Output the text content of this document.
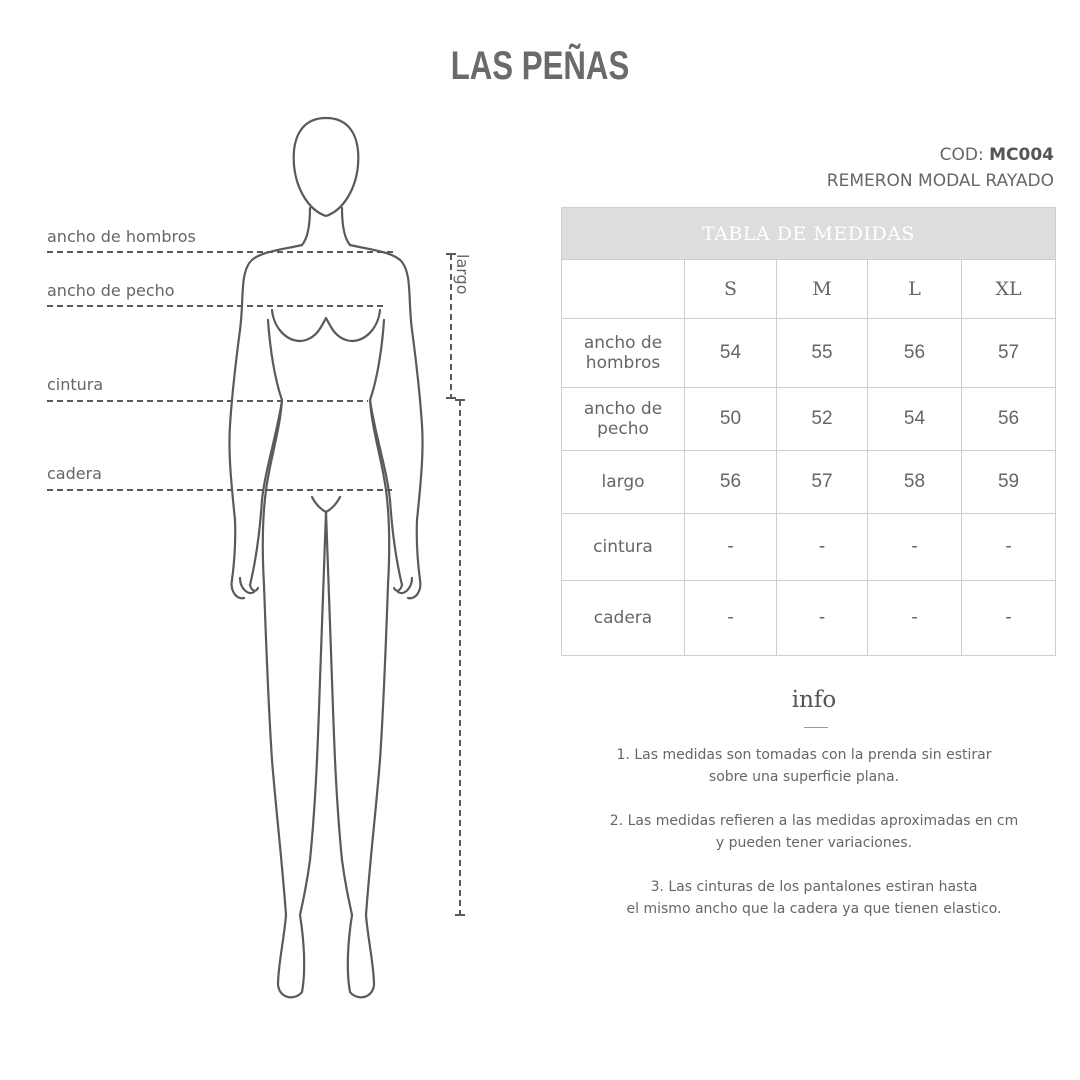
LAS PEÑAS
ancho de hombros
ancho de pecho
cintura
cadera
largo
COD: MC004
REMERON MODAL RAYADO
TABLA DE MEDIDAS				
	S	M	L	XL
ancho de hombros	54	55	56	57
ancho de pecho	50	52	54	56
largo	56	57	58	59
cintura	-	-	-	-
cadera	-	-	-	-
info
1. Las medidas son tomadas con la prenda sin estirar
sobre una superficie plana.
2. Las medidas refieren a las medidas aproximadas en cm
y pueden tener variaciones.
3. Las cinturas de los pantalones estiran hasta
el mismo ancho que la cadera ya que tienen elastico.
